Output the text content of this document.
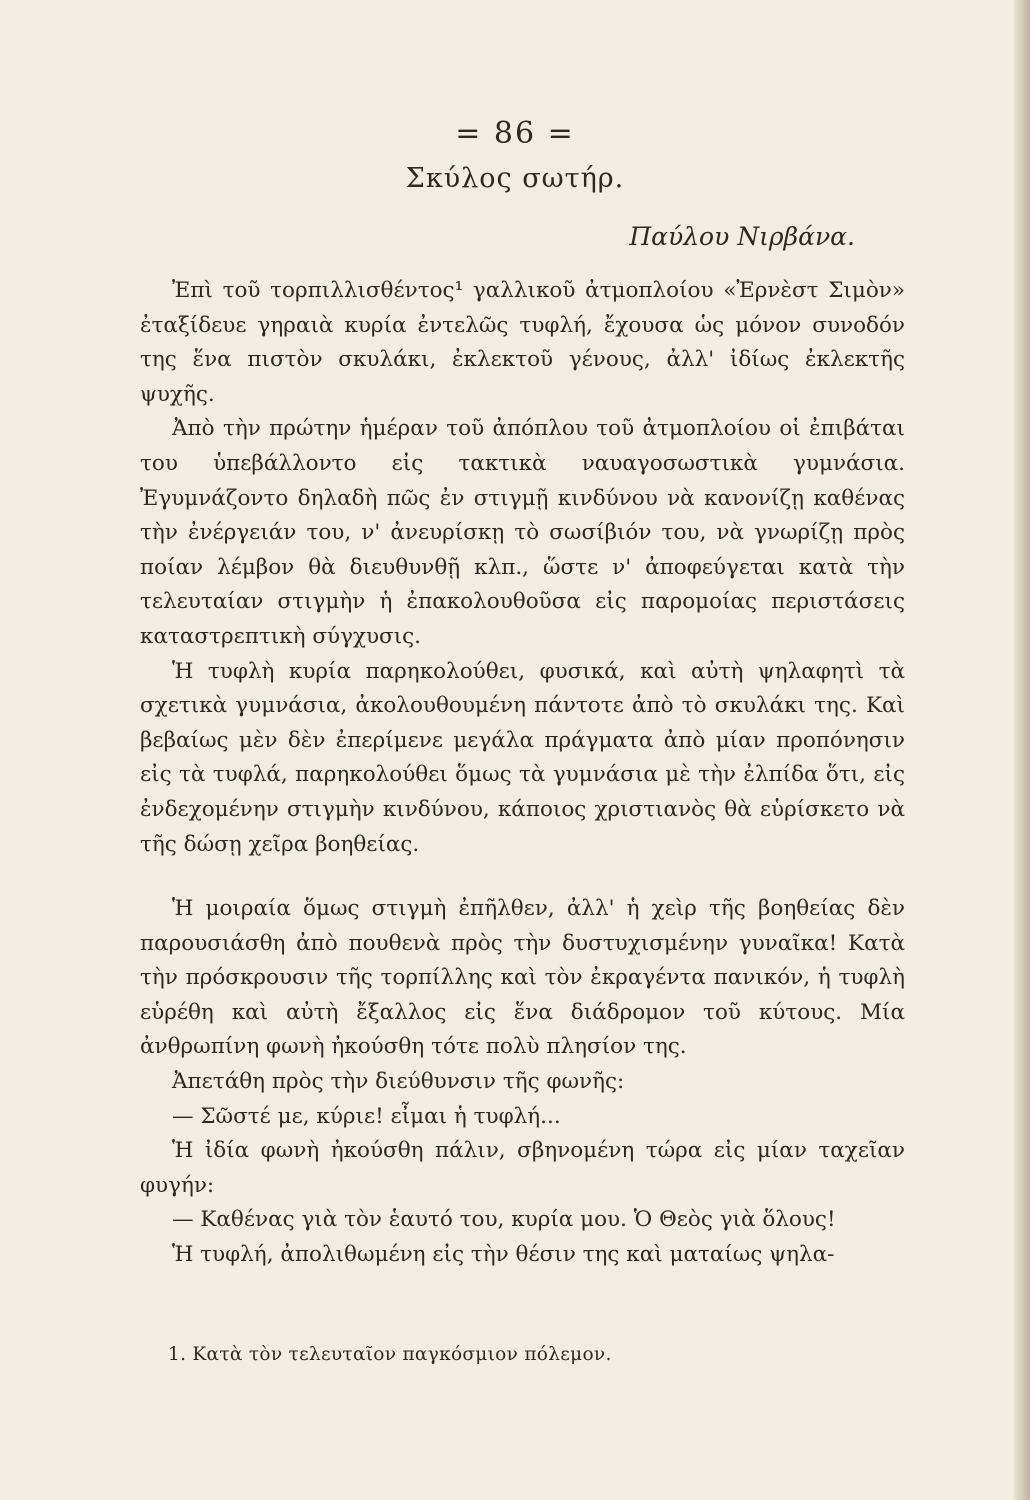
= 86 =
Σκύλος σωτήρ.
Παύλου Νιρβάνα.

Ἐπὶ τοῦ τορπιλλισθέντος¹ γαλλικοῦ ἀτμοπλοίου «Ἐρνὲστ Σιμὸν» ἐταξίδευε γηραιὰ κυρία ἐντελῶς τυφλή, ἔχουσα ὡς μόνον συνοδόν της ἕνα πιστὸν σκυλάκι, ἐκλεκτοῦ γένους, ἀλλ' ἰδίως ἐκλεκτῆς ψυχῆς.

Ἀπὸ τὴν πρώτην ἡμέραν τοῦ ἀπόπλου τοῦ ἀτμοπλοίου οἱ ἐπιβάται του ὑπεβάλλοντο εἰς τακτικὰ ναυαγοσωστικὰ γυμνάσια. Ἐγυμνάζοντο δηλαδὴ πῶς ἐν στιγμῇ κινδύνου νὰ κανονίζῃ καθένας τὴν ἐνέργειάν του, ν' ἀνευρίσκῃ τὸ σωσίβιόν του, νὰ γνωρίζῃ πρὸς ποίαν λέμβον θὰ διευθυνθῇ κλπ., ὥστε ν' ἀποφεύγεται κατὰ τὴν τελευταίαν στιγμὴν ἡ ἐπακολουθοῦσα εἰς παρομοίας περιστάσεις καταστρεπτικὴ σύγχυσις.

Ἡ τυφλὴ κυρία παρηκολούθει, φυσικά, καὶ αὐτὴ ψηλαφητὶ τὰ σχετικὰ γυμνάσια, ἀκολουθουμένη πάντοτε ἀπὸ τὸ σκυλάκι της. Καὶ βεβαίως μὲν δὲν ἐπερίμενε μεγάλα πράγματα ἀπὸ μίαν προπόνησιν εἰς τὰ τυφλά, παρηκολούθει ὅμως τὰ γυμνάσια μὲ τὴν ἐλπίδα ὅτι, εἰς ἐνδεχομένην στιγμὴν κινδύνου, κάποιος χριστιανὸς θὰ εὑρίσκετο νὰ τῆς δώσῃ χεῖρα βοηθείας.

Ἡ μοιραία ὅμως στιγμὴ ἐπῆλθεν, ἀλλ' ἡ χεὶρ τῆς βοηθείας δὲν παρουσιάσθη ἀπὸ πουθενὰ πρὸς τὴν δυστυχισμένην γυναῖκα! Κατὰ τὴν πρόσκρουσιν τῆς τορπίλλης καὶ τὸν ἐκραγέντα πανικόν, ἡ τυφλὴ εὑρέθη καὶ αὐτὴ ἔξαλλος εἰς ἕνα διάδρομον τοῦ κύτους. Μία ἀνθρωπίνη φωνὴ ἠκούσθη τότε πολὺ πλησίον της.

Ἀπετάθη πρὸς τὴν διεύθυνσιν τῆς φωνῆς:

— Σῶστέ με, κύριε! εἶμαι ἡ τυφλή...

Ἡ ἰδία φωνὴ ἠκούσθη πάλιν, σβηνομένη τώρα εἰς μίαν ταχεῖαν φυγήν:

— Καθένας γιὰ τὸν ἑαυτό του, κυρία μου. Ὁ Θεὸς γιὰ ὅλους!

Ἡ τυφλή, ἀπολιθωμένη εἰς τὴν θέσιν της καὶ ματαίως ψηλα-

1. Κατὰ τὸν τελευταῖον παγκόσμιον πόλεμον.
